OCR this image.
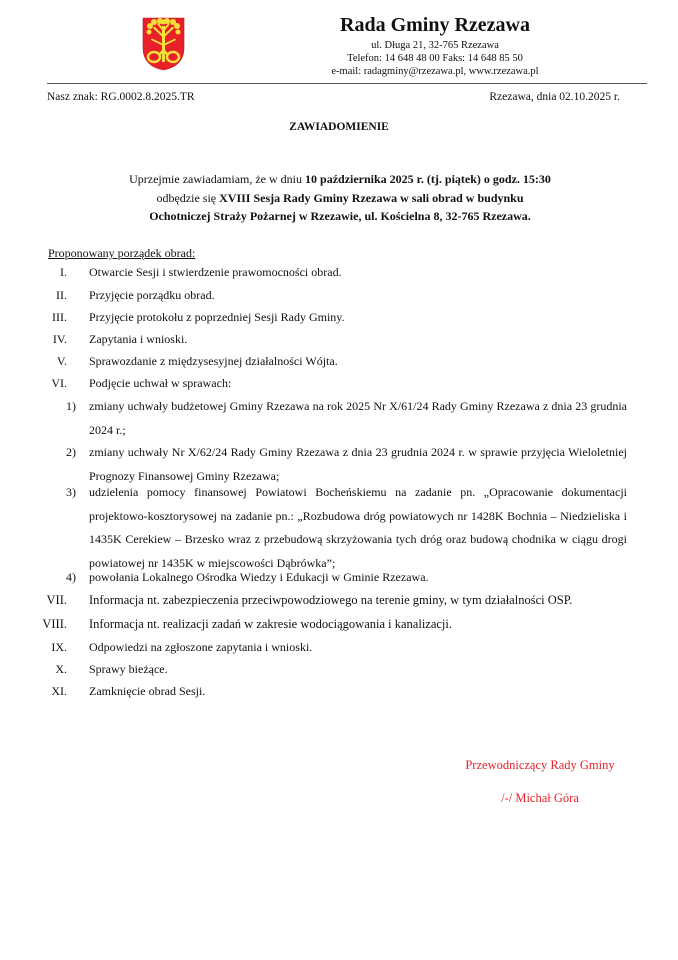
Rada Gminy Rzezawa
ul. Długa 21, 32-765 Rzezawa
Telefon: 14 648 48 00 Faks: 14 648 85 50
e-mail: radagminy@rzezawa.pl, www.rzezawa.pl
Nasz znak: RG.0002.8.2025.TR	Rzezawa, dnia 02.10.2025 r.
ZAWIADOMIENIE
Uprzejmie zawiadamiam, że w dniu 10 października 2025 r. (tj. piątek) o godz. 15:30
odbędzie się XVIII Sesja Rady Gminy Rzezawa w sali obrad w budynku
Ochotniczej Straży Pożarnej w Rzezawie, ul. Kościelna 8, 32-765 Rzezawa.
Proponowany porządek obrad:
I. Otwarcie Sesji i stwierdzenie prawomocności obrad.
II. Przyjęcie porządku obrad.
III. Przyjęcie protokołu z poprzedniej Sesji Rady Gminy.
IV. Zapytania i wnioski.
V. Sprawozdanie z międzysesyjnej działalności Wójta.
VI. Podjęcie uchwał w sprawach:
1) zmiany uchwały budżetowej Gminy Rzezawa na rok 2025 Nr X/61/24 Rady Gminy Rzezawa z dnia 23 grudnia 2024 r.;
2) zmiany uchwały Nr X/62/24 Rady Gminy Rzezawa z dnia 23 grudnia 2024 r. w sprawie przyjęcia Wieloletniej Prognozy Finansowej Gminy Rzezawa;
3) udzielenia pomocy finansowej Powiatowi Bocheńskiemu na zadanie pn. „Opracowanie dokumentacji projektowo-kosztorysowej na zadanie pn.: „Rozbudowa dróg powiatowych nr 1428K Bochnia – Niedzieliska i 1435K Cerekiew – Brzesko wraz z przebudową skrzyżowania tych dróg oraz budową chodnika w ciągu drogi powiatowej nr 1435K w miejscowości Dąbrówka”;
4) powołania Lokalnego Ośrodka Wiedzy i Edukacji w Gminie Rzezawa.
VII. Informacja nt. zabezpieczenia przeciwpowodziowego na terenie gminy, w tym działalności OSP.
VIII. Informacja nt. realizacji zadań w zakresie wodociągowania i kanalizacji.
IX. Odpowiedzi na zgłoszone zapytania i wnioski.
X. Sprawy bieżące.
XI. Zamknięcie obrad Sesji.
Przewodniczący Rady Gminy
/-/ Michał Góra
